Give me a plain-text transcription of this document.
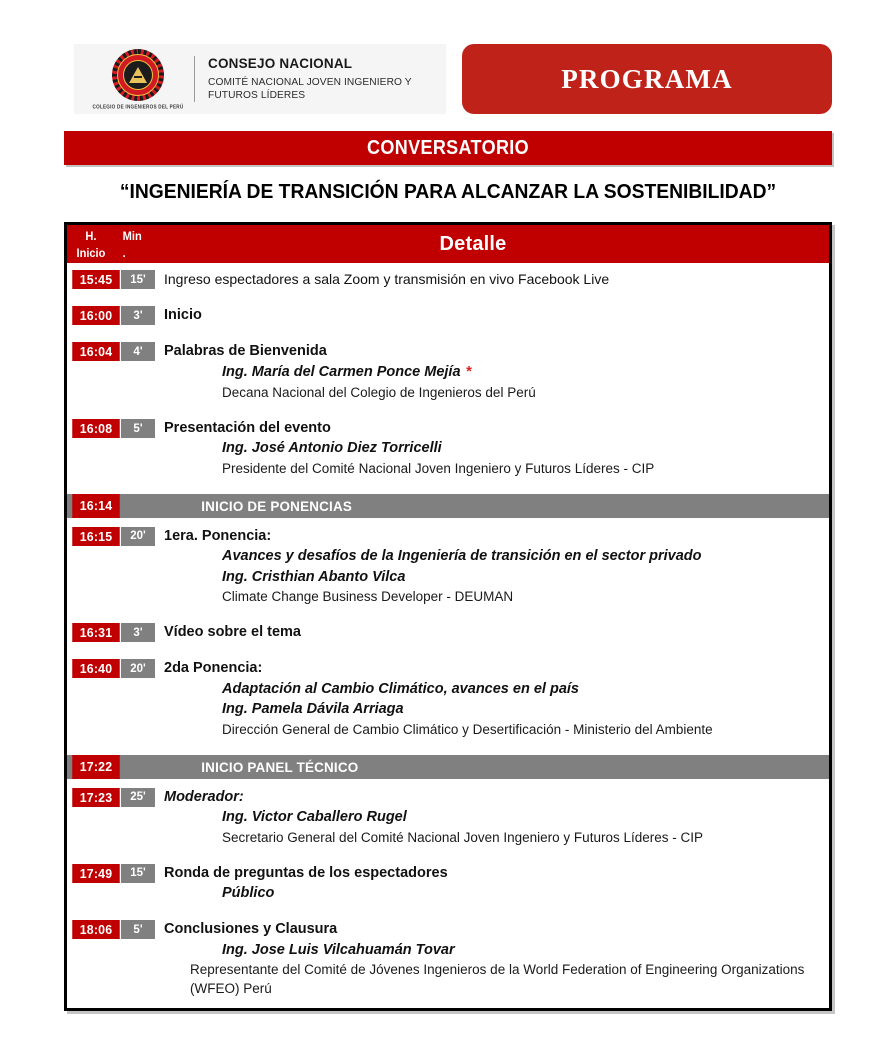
COLEGIO DE INGENIEROS DEL PERÚ
CONSEJO NACIONAL
COMITÉ NACIONAL JOVEN INGENIERO Y FUTUROS LÍDERES
PROGRAMA
CONVERSATORIO
“INGENIERÍA DE TRANSICIÓN PARA ALCANZAR LA SOSTENIBILIDAD”
H.
Inicio
Min
.	Detalle
15:45	15'	Ingreso espectadores a sala Zoom y transmisión en vivo Facebook Live
16:00	3'	Inicio
16:04	4'	Palabras de Bienvenida
Ing. María del Carmen Ponce Mejía *
Decana Nacional del Colegio de Ingenieros del Perú
16:08	5'	Presentación del evento
Ing. José Antonio Diez Torricelli
Presidente del Comité Nacional Joven Ingeniero y Futuros Líderes - CIP
16:14	INICIO DE PONENCIAS
16:15	20'	1era. Ponencia:
Avances y desafíos de la Ingeniería de transición en el sector privado
Ing. Cristhian Abanto Vilca
Climate Change Business Developer - DEUMAN
16:31	3'	Vídeo sobre el tema
16:40	20'	2da Ponencia:
Adaptación al Cambio Climático, avances en el país
Ing. Pamela Dávila Arriaga
Dirección General de Cambio Climático y Desertificación - Ministerio del Ambiente
17:22	INICIO PANEL TÉCNICO
17:23	25'	Moderador:
Ing. Victor Caballero Rugel
Secretario General del Comité Nacional Joven Ingeniero y Futuros Líderes - CIP
17:49	15'	Ronda de preguntas de los espectadores
Público
18:06	5'	Conclusiones y Clausura
Ing. Jose Luis Vilcahuamán Tovar
Representante del Comité de Jóvenes Ingenieros de la World Federation of Engineering Organizations (WFEO) Perú
